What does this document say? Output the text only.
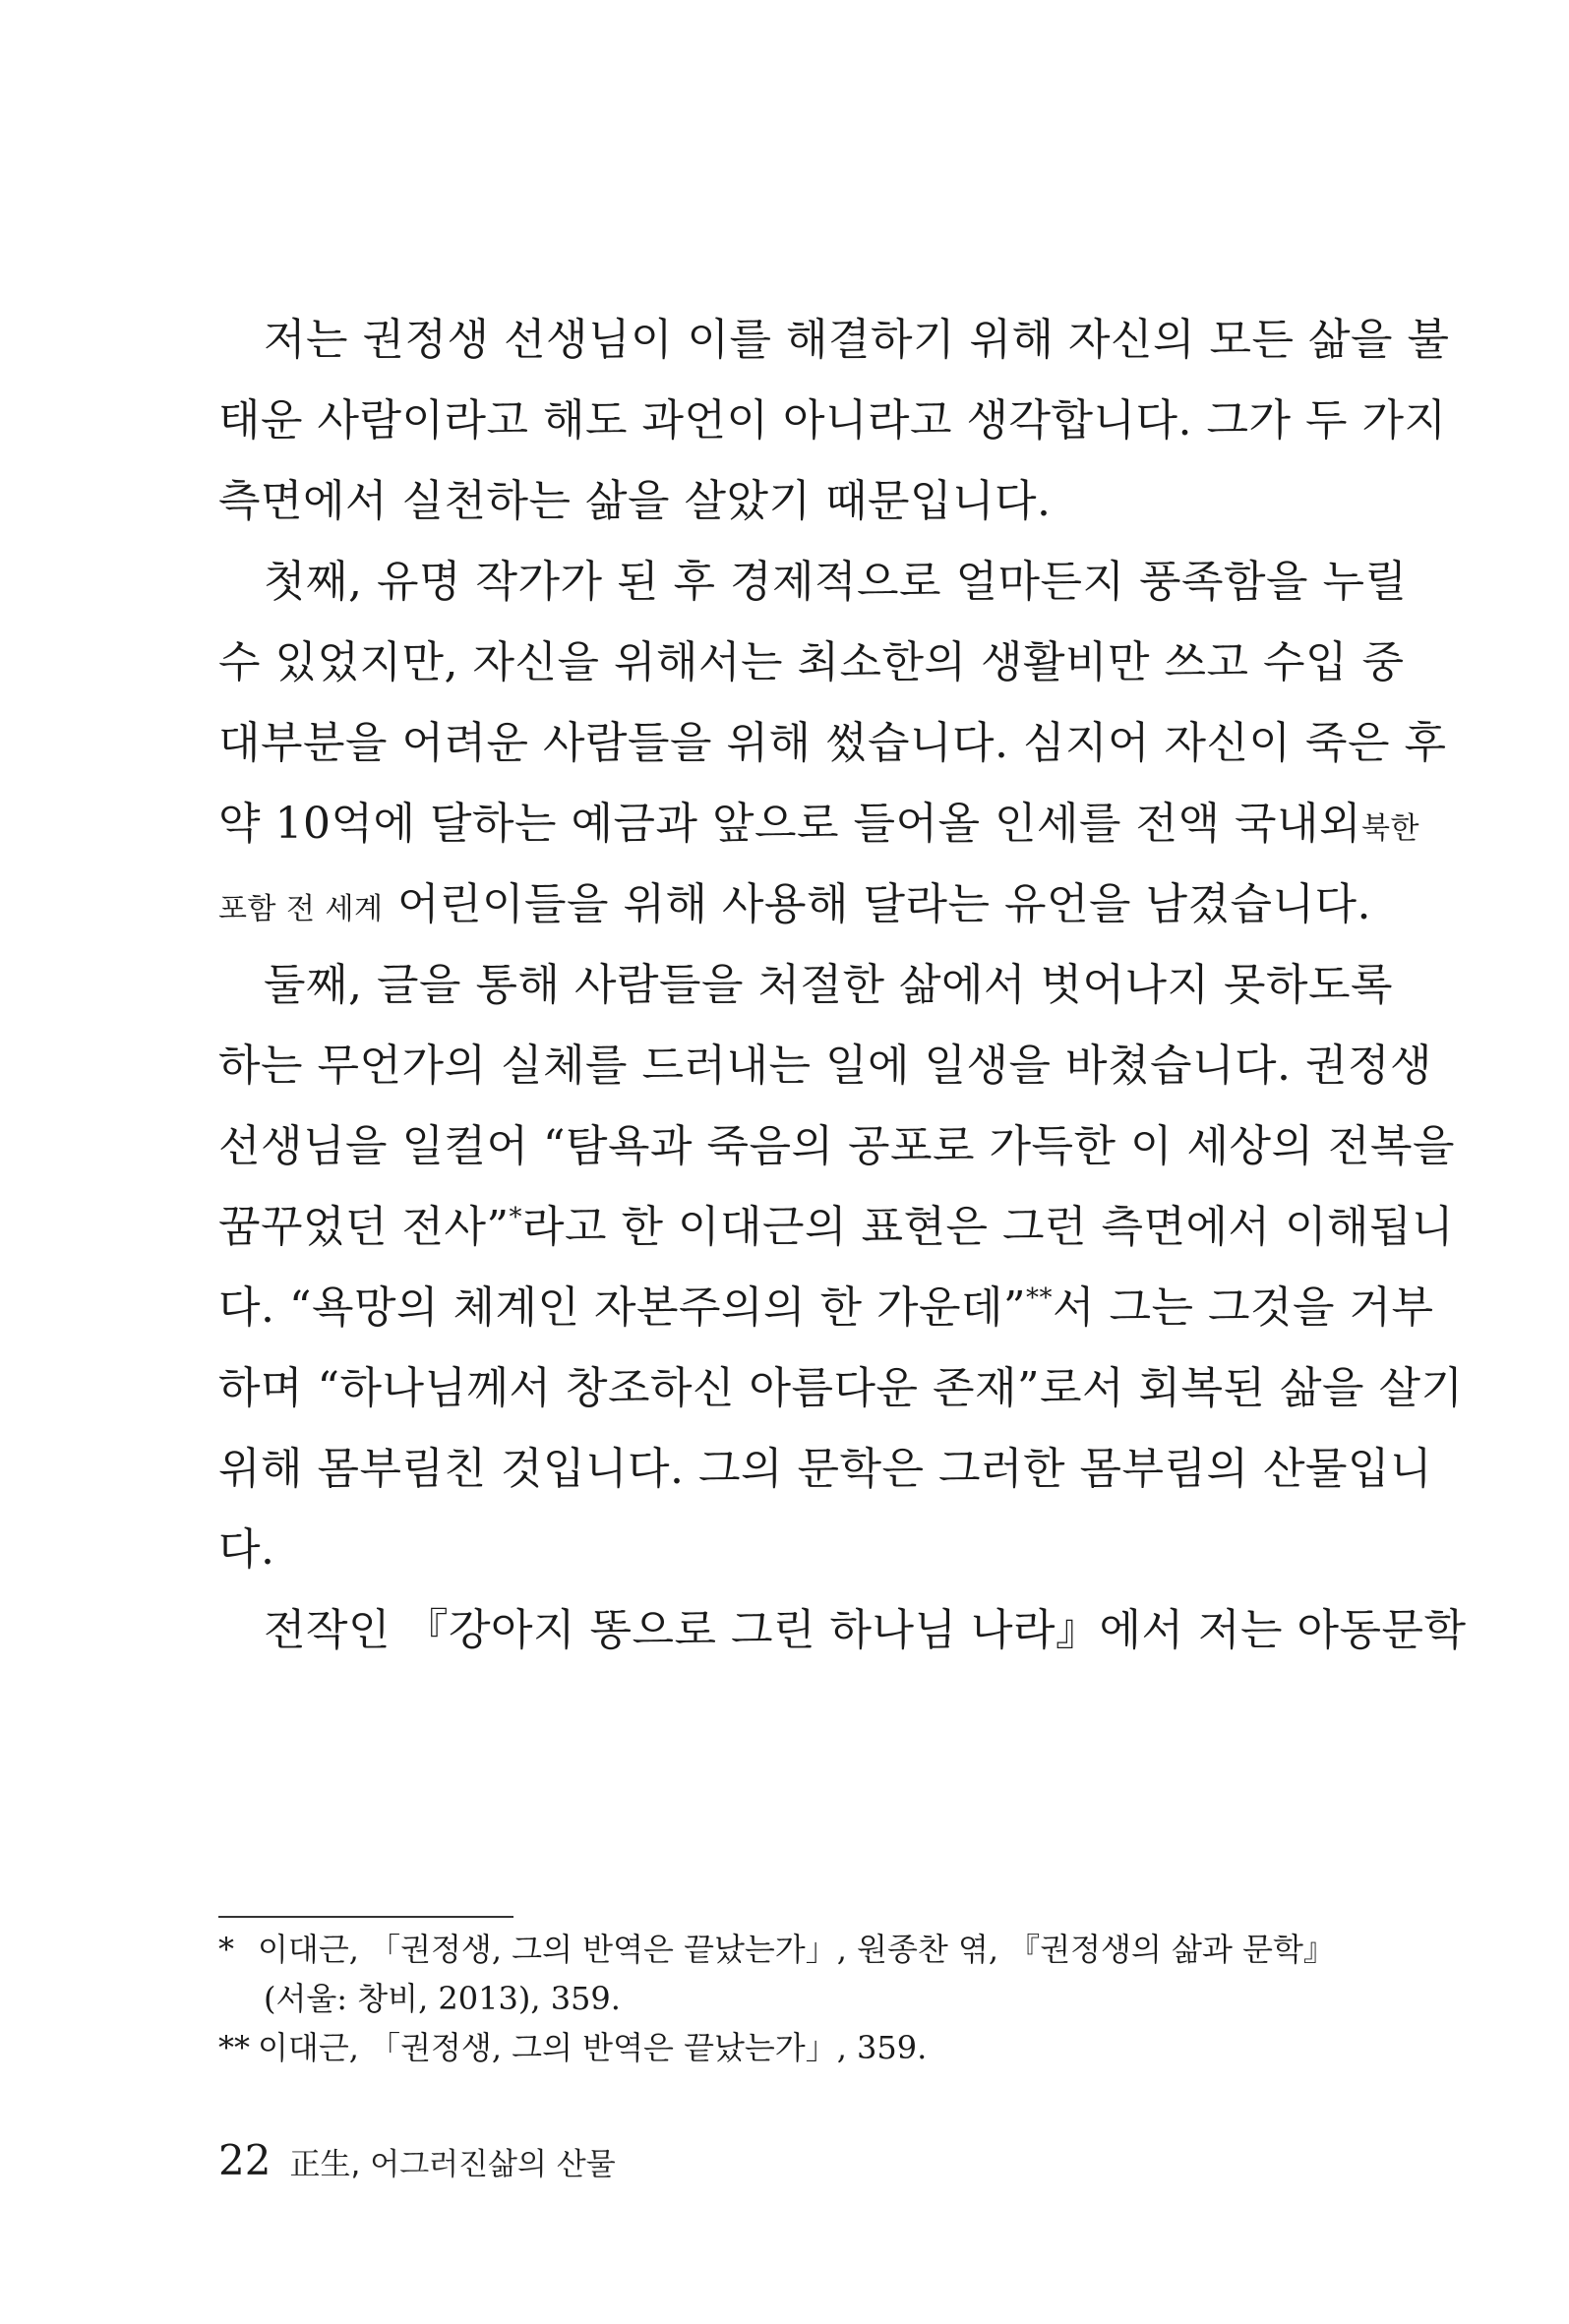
저는 권정생 선생님이 이를 해결하기 위해 자신의 모든 삶을 불
태운 사람이라고 해도 과언이 아니라고 생각합니다. 그가 두 가지
측면에서 실천하는 삶을 살았기 때문입니다.
첫째, 유명 작가가 된 후 경제적으로 얼마든지 풍족함을 누릴
수 있었지만, 자신을 위해서는 최소한의 생활비만 쓰고 수입 중
대부분을 어려운 사람들을 위해 썼습니다. 심지어 자신이 죽은 후
약 10억에 달하는 예금과 앞으로 들어올 인세를 전액 국내외북한
포함 전 세계 어린이들을 위해 사용해 달라는 유언을 남겼습니다.
둘째, 글을 통해 사람들을 처절한 삶에서 벗어나지 못하도록
하는 무언가의 실체를 드러내는 일에 일생을 바쳤습니다. 권정생
선생님을 일컬어 “탐욕과 죽음의 공포로 가득한 이 세상의 전복을
꿈꾸었던 전사”*라고 한 이대근의 표현은 그런 측면에서 이해됩니
다. “욕망의 체계인 자본주의의 한 가운데”**서 그는 그것을 거부
하며 “하나님께서 창조하신 아름다운 존재”로서 회복된 삶을 살기
위해 몸부림친 것입니다. 그의 문학은 그러한 몸부림의 산물입니
다.
전작인 『강아지 똥으로 그린 하나님 나라』에서 저는 아동문학
* 이대근, 「권정생, 그의 반역은 끝났는가」, 원종찬 엮, 『권정생의 삶과 문학』
(서울: 창비, 2013), 359.
** 이대근, 「권정생, 그의 반역은 끝났는가」, 359.
22 正生, 어그러진삶의 산물
